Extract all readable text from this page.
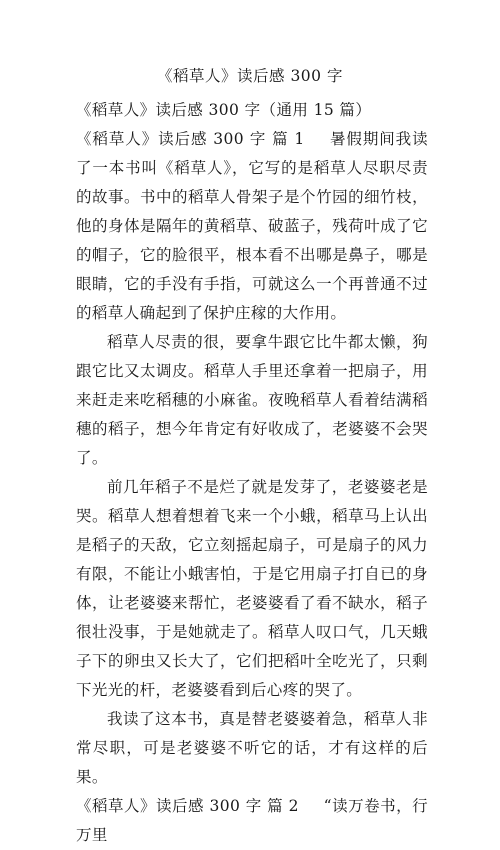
《稻草人》读后感 300 字

《稻草人》读后感 300 字（通用 15 篇）

《稻草人》读后感 300 字 篇 1 暑假期间我读了一本书叫《稻草人》，它写的是稻草人尽职尽责的故事。书中的稻草人骨架子是个竹园的细竹枝，他的身体是隔年的黄稻草、破蓝子，残荷叶成了它的帽子，它的脸很平，根本看不出哪是鼻子，哪是眼睛，它的手没有手指，可就这么一个再普通不过的稻草人确起到了保护庄稼的大作用。

稻草人尽责的很，要拿牛跟它比牛都太懒，狗跟它比又太调皮。稻草人手里还拿着一把扇子，用来赶走来吃稻穗的小麻雀。夜晚稻草人看着结满稻穗的稻子，想今年肯定有好收成了，老婆婆不会哭了。

前几年稻子不是烂了就是发芽了，老婆婆老是哭。稻草人想着想着飞来一个小蛾，稻草马上认出是稻子的天敌，它立刻摇起扇子，可是扇子的风力有限，不能让小蛾害怕，于是它用扇子打自已的身体，让老婆婆来帮忙，老婆婆看了看不缺水，稻子很壮没事，于是她就走了。稻草人叹口气，几天蛾子下的卵虫又长大了，它们把稻叶全吃光了，只剩下光光的杆，老婆婆看到后心疼的哭了。

我读了这本书，真是替老婆婆着急，稻草人非常尽职，可是老婆婆不听它的话，才有这样的后果。

《稻草人》读后感 300 字 篇 2 “读万卷书，行万里
